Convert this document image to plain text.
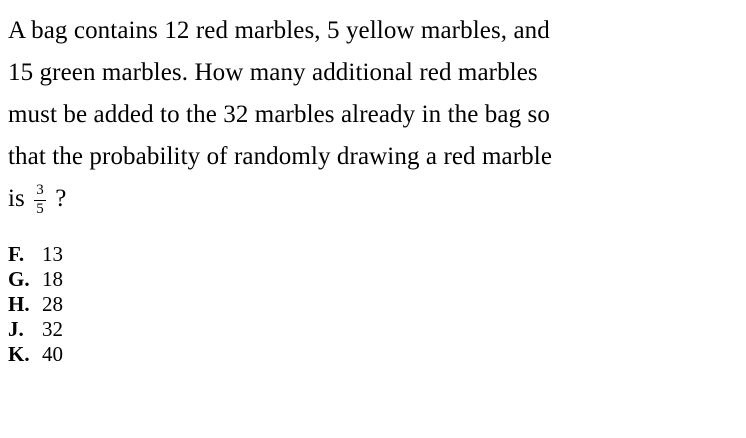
A bag contains 12 red marbles, 5 yellow marbles, and
15 green marbles. How many additional red marbles
must be added to the 32 marbles already in the bag so
that the probability of randomly drawing a red marble
is $\frac{3}{5}$ ?
F. 13
G. 18
H. 28
J. 32
K. 40
